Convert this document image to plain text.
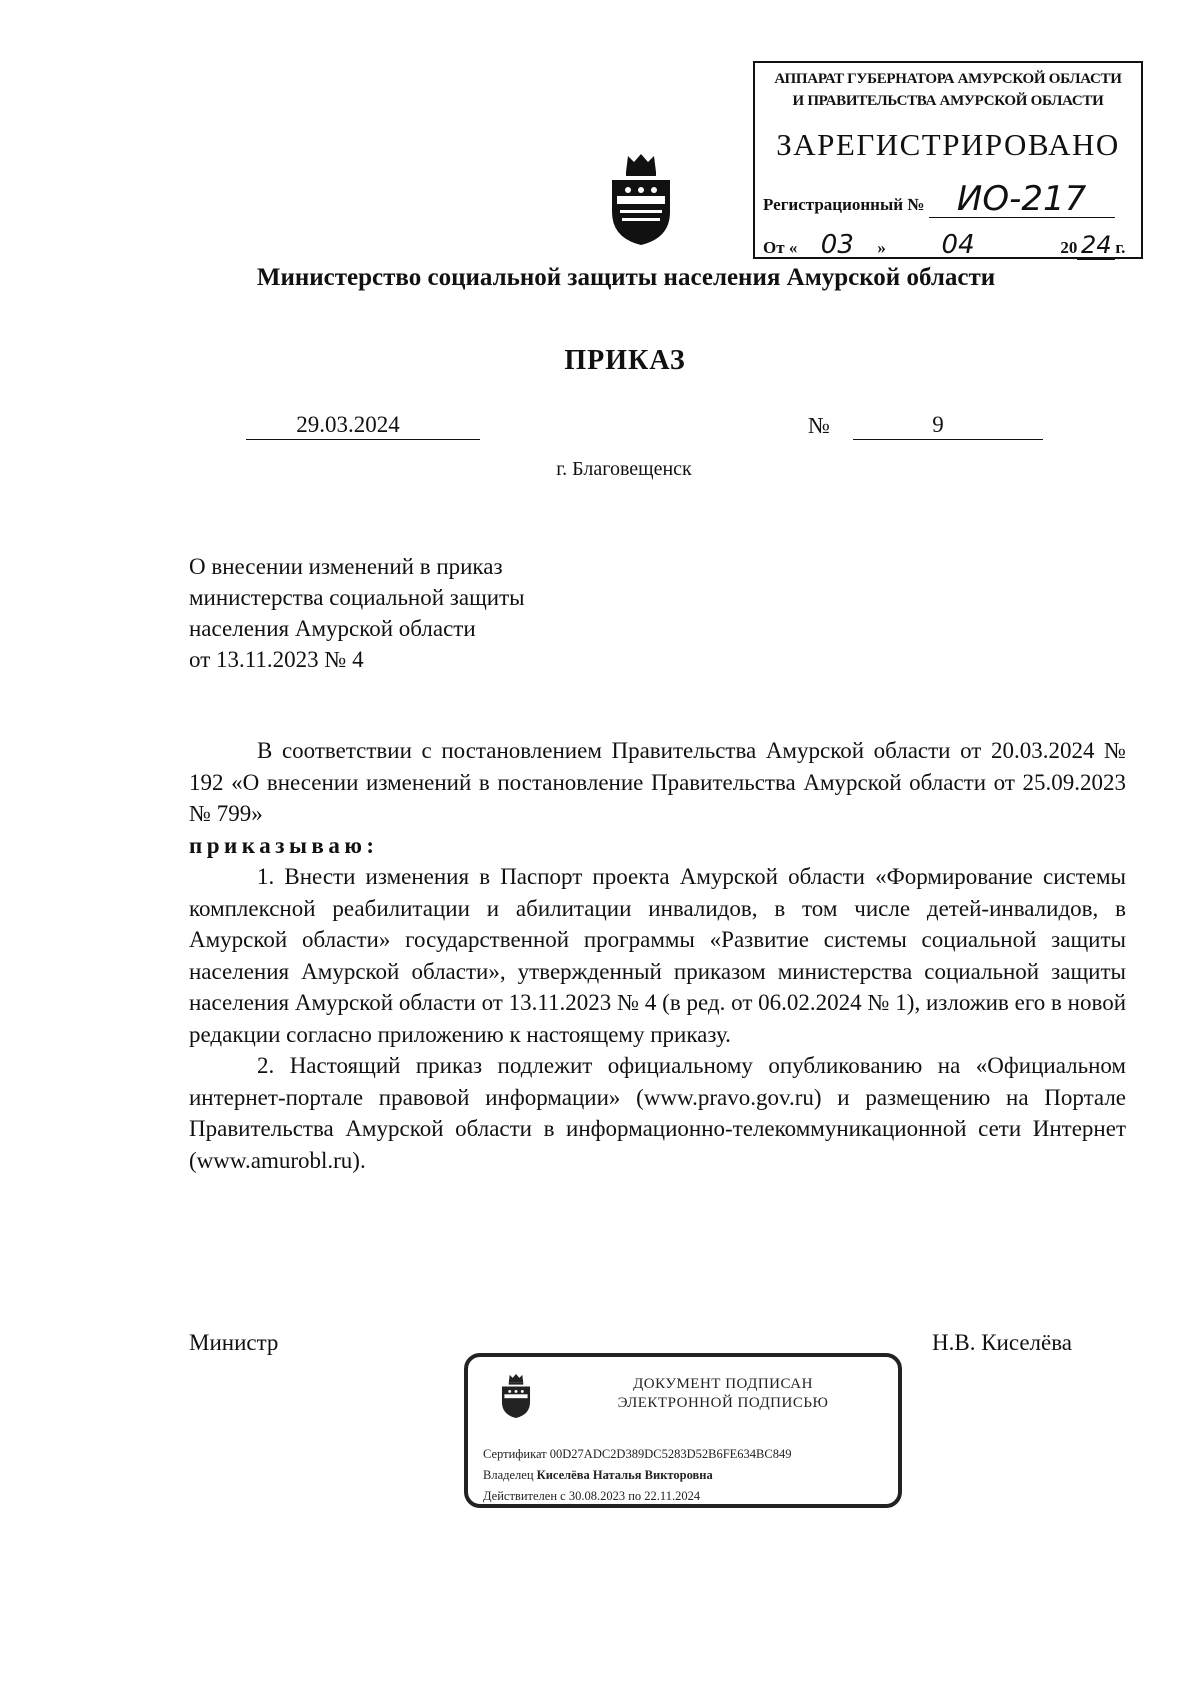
АППАРАТ ГУБЕРНАТОРА АМУРСКОЙ ОБЛАСТИ
И ПРАВИТЕЛЬСТВА АМУРСКОЙ ОБЛАСТИ
ЗАРЕГИСТРИРОВАНО
Регистрационный № ИО-217
От « 03 » 04	20 24 г.
Министерство социальной защиты населения Амурской области
ПРИКАЗ
29.03.2024	№	9
г. Благовещенск
О внесении изменений в приказ
министерства социальной защиты
населения Амурской области
от 13.11.2023 № 4

В соответствии с постановлением Правительства Амурской области от 20.03.2024 № 192 «О внесении изменений в постановление Правительства Амурской области от 25.09.2023 № 799»

приказываю:

1. Внести изменения в Паспорт проекта Амурской области «Формирование системы комплексной реабилитации и абилитации инвалидов, в том числе детей-инвалидов, в Амурской области» государственной программы «Развитие системы социальной защиты населения Амурской области», утвержденный приказом министерства социальной защиты населения Амурской области от 13.11.2023 № 4 (в ред. от 06.02.2024 № 1), изложив его в новой редакции согласно приложению к настоящему приказу.

2. Настоящий приказ подлежит официальному опубликованию на «Официальном интернет-портале правовой информации» (www.pravo.gov.ru) и размещению на Портале Правительства Амурской области в информационно-телекоммуникационной сети Интернет (www.amurobl.ru).

Министр	Н.В. Киселёва
ДОКУМЕНТ ПОДПИСАН
ЭЛЕКТРОННОЙ ПОДПИСЬЮ
Сертификат 00D27ADC2D389DC5283D52B6FE634BC849
Владелец Киселёва Наталья Викторовна
Действителен с 30.08.2023 по 22.11.2024
